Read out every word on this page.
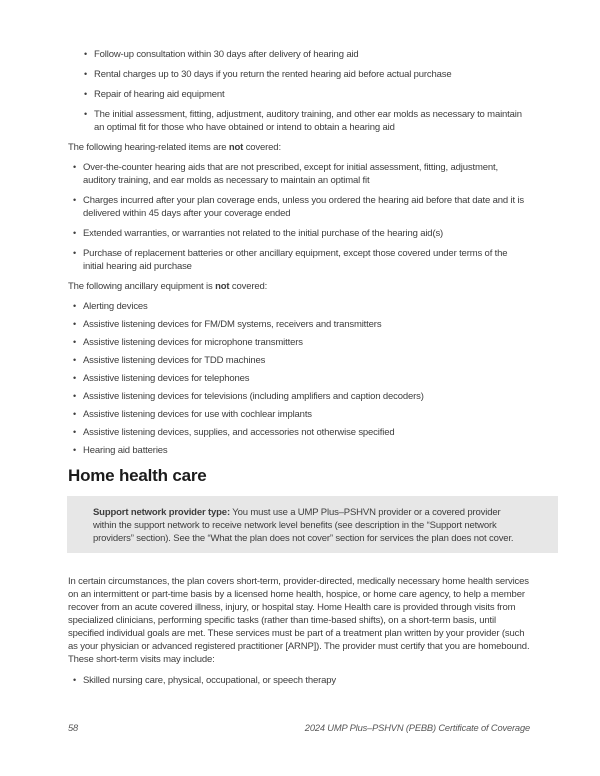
• Follow-up consultation within 30 days after delivery of hearing aid
• Rental charges up to 30 days if you return the rented hearing aid before actual purchase
• Repair of hearing aid equipment
• The initial assessment, fitting, adjustment, auditory training, and other ear molds as necessary to maintain an optimal fit for those who have obtained or intend to obtain a hearing aid

The following hearing-related items are not covered:

• Over-the-counter hearing aids that are not prescribed, except for initial assessment, fitting, adjustment, auditory training, and ear molds as necessary to maintain an optimal fit
• Charges incurred after your plan coverage ends, unless you ordered the hearing aid before that date and it is delivered within 45 days after your coverage ended
• Extended warranties, or warranties not related to the initial purchase of the hearing aid(s)
• Purchase of replacement batteries or other ancillary equipment, except those covered under terms of the initial hearing aid purchase

The following ancillary equipment is not covered:

• Alerting devices
• Assistive listening devices for FM/DM systems, receivers and transmitters
• Assistive listening devices for microphone transmitters
• Assistive listening devices for TDD machines
• Assistive listening devices for telephones
• Assistive listening devices for televisions (including amplifiers and caption decoders)
• Assistive listening devices for use with cochlear implants
• Assistive listening devices, supplies, and accessories not otherwise specified
• Hearing aid batteries
Home health care

Support network provider type: You must use a UMP Plus–PSHVN provider or a covered provider within the support network to receive network level benefits (see description in the “Support network providers” section). See the “What the plan does not cover” section for services the plan does not cover.

In certain circumstances, the plan covers short-term, provider-directed, medically necessary home health services on an intermittent or part-time basis by a licensed home health, hospice, or home care agency, to help a member recover from an acute covered illness, injury, or hospital stay. Home Health care is provided through visits from specialized clinicians, performing specific tasks (rather than time-based shifts), on a short-term basis, until specified individual goals are met. These services must be part of a treatment plan written by your provider (such as your physician or advanced registered practitioner [ARNP]). The provider must certify that you are homebound. These short-term visits may include:

• Skilled nursing care, physical, occupational, or speech therapy
58	2024 UMP Plus–PSHVN (PEBB) Certificate of Coverage
